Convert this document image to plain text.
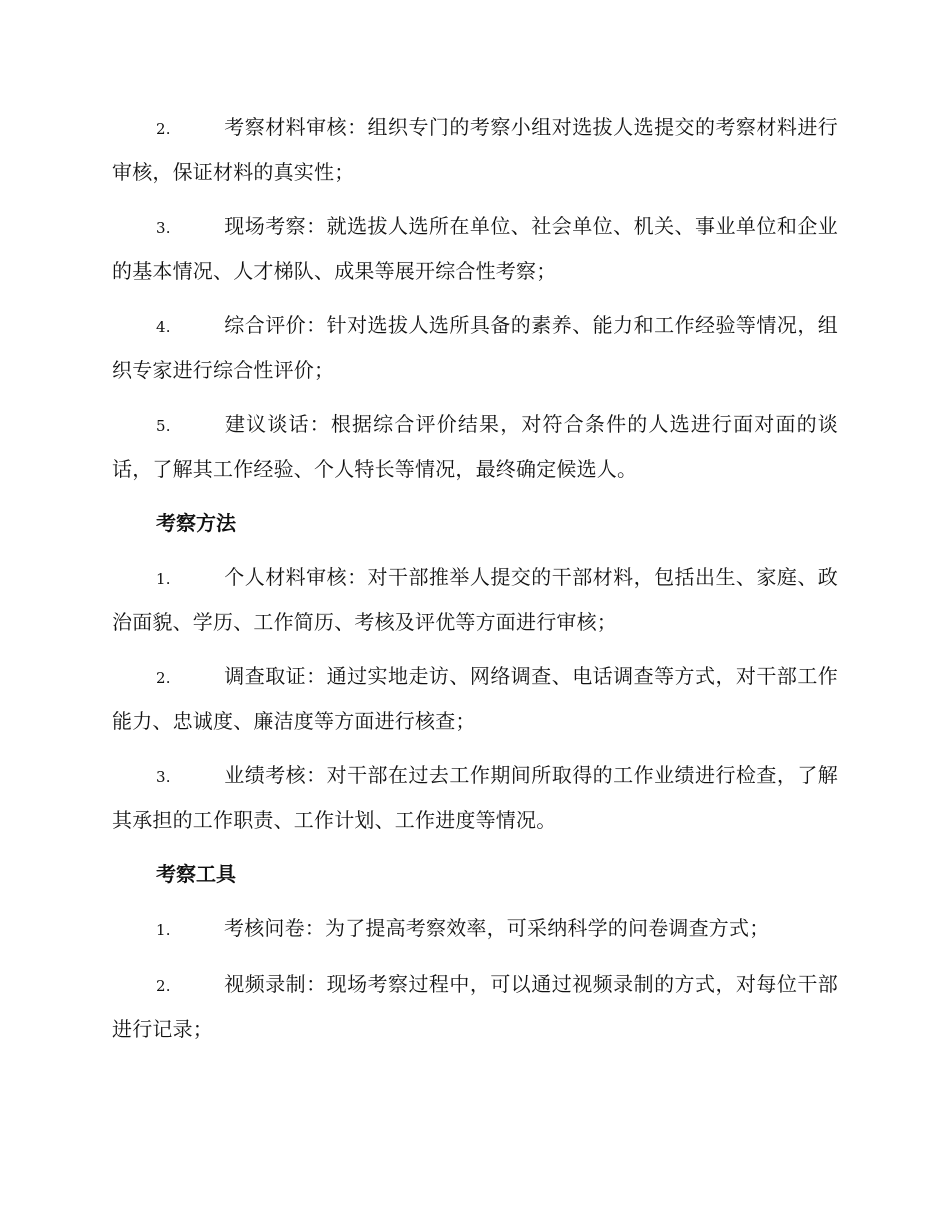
2.	考察材料审核：组织专门的考察小组对选拔人选提交的考察材料进行审核，保证材料的真实性；

3.	现场考察：就选拔人选所在单位、社会单位、机关、事业单位和企业的基本情况、人才梯队、成果等展开综合性考察；

4.	综合评价：针对选拔人选所具备的素养、能力和工作经验等情况，组织专家进行综合性评价；

5.	建议谈话：根据综合评价结果，对符合条件的人选进行面对面的谈话，了解其工作经验、个人特长等情况，最终确定候选人。

考察方法

1.	个人材料审核：对干部推举人提交的干部材料，包括出生、家庭、政治面貌、学历、工作简历、考核及评优等方面进行审核；

2.	调查取证：通过实地走访、网络调查、电话调查等方式，对干部工作能力、忠诚度、廉洁度等方面进行核查；

3.	业绩考核：对干部在过去工作期间所取得的工作业绩进行检查，了解其承担的工作职责、工作计划、工作进度等情况。

考察工具

1.	考核问卷：为了提高考察效率，可采纳科学的问卷调查方式；

2.	视频录制：现场考察过程中，可以通过视频录制的方式，对每位干部进行记录；
